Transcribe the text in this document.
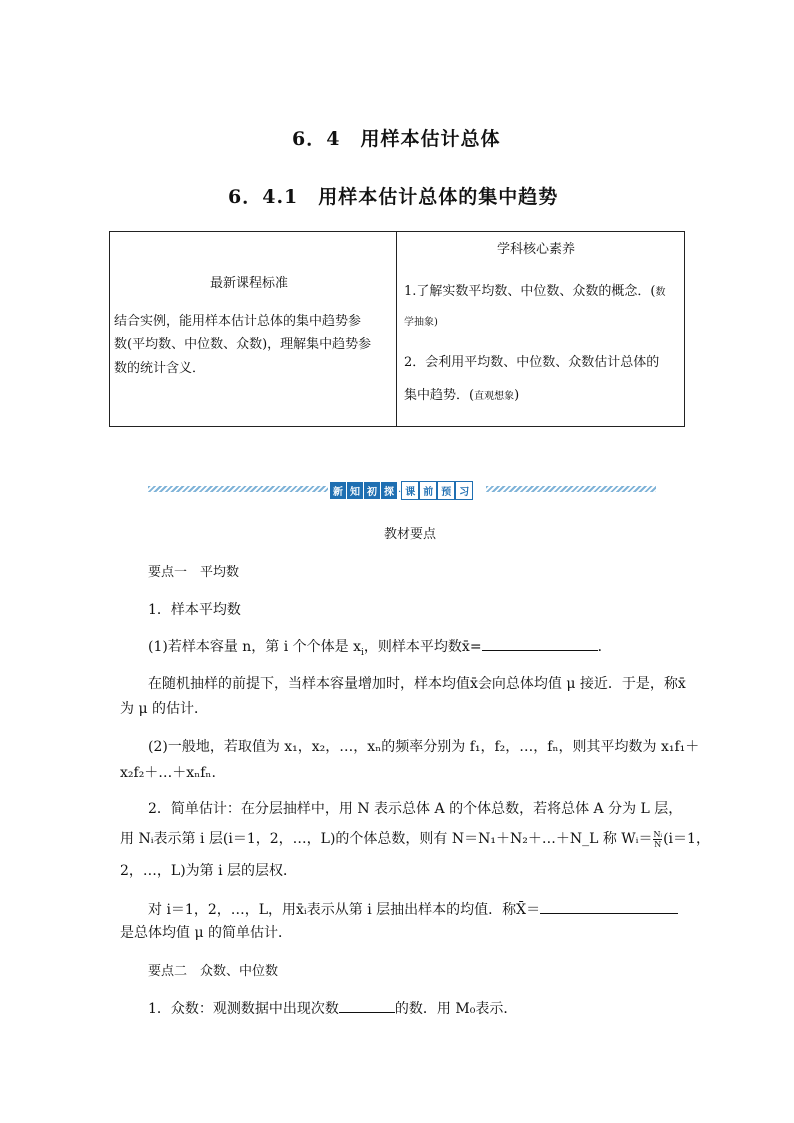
6．4　用样本估计总体
6．4.1　用样本估计总体的集中趋势
最新课程标准
结合实例，能用样本估计总体的集中趋势参
数(平均数、中位数、众数)，理解集中趋势参
数的统计含义．

学科核心素养
1.了解实数平均数、中位数、众数的概念．(数
学抽象)
2．会利用平均数、中位数、众数估计总体的
集中趋势．(直观想象)
新 知 初 探 · 课 前 预 习
教材要点
要点一　平均数
1．样本平均数
(1)若样本容量 n，第 i 个个体是 $x_i$，则样本平均数x̄=	．
在随机抽样的前提下，当样本容量增加时，样本均值x̄会向总体均值 μ 接近．于是，称x̄
为 μ 的估计．
(2)一般地，若取值为 x₁，x₂，…，xₙ的频率分别为 f₁，f₂，…，fₙ，则其平均数为 x₁f₁＋
x₂f₂＋…＋xₙfₙ.
2．简单估计：在分层抽样中，用 N 表示总体 A 的个体总数，若将总体 A 分为 L 层，
用 Nᵢ表示第 i 层(i＝1，2，…，L)的个体总数，则有 N＝N₁＋N₂＋…＋N_L 称 Wᵢ＝ $\frac{\text{Nᵢ}}{N} (i=1$，
2，…，L)为第 i 层的层权．
对 i＝1，2，…，L，用x̄ᵢ表示从第 i 层抽出样本的均值．称X̄＝
是总体均值 μ 的简单估计．
要点二　众数、中位数
1．众数：观测数据中出现次数	的数．用 M₀表示．
